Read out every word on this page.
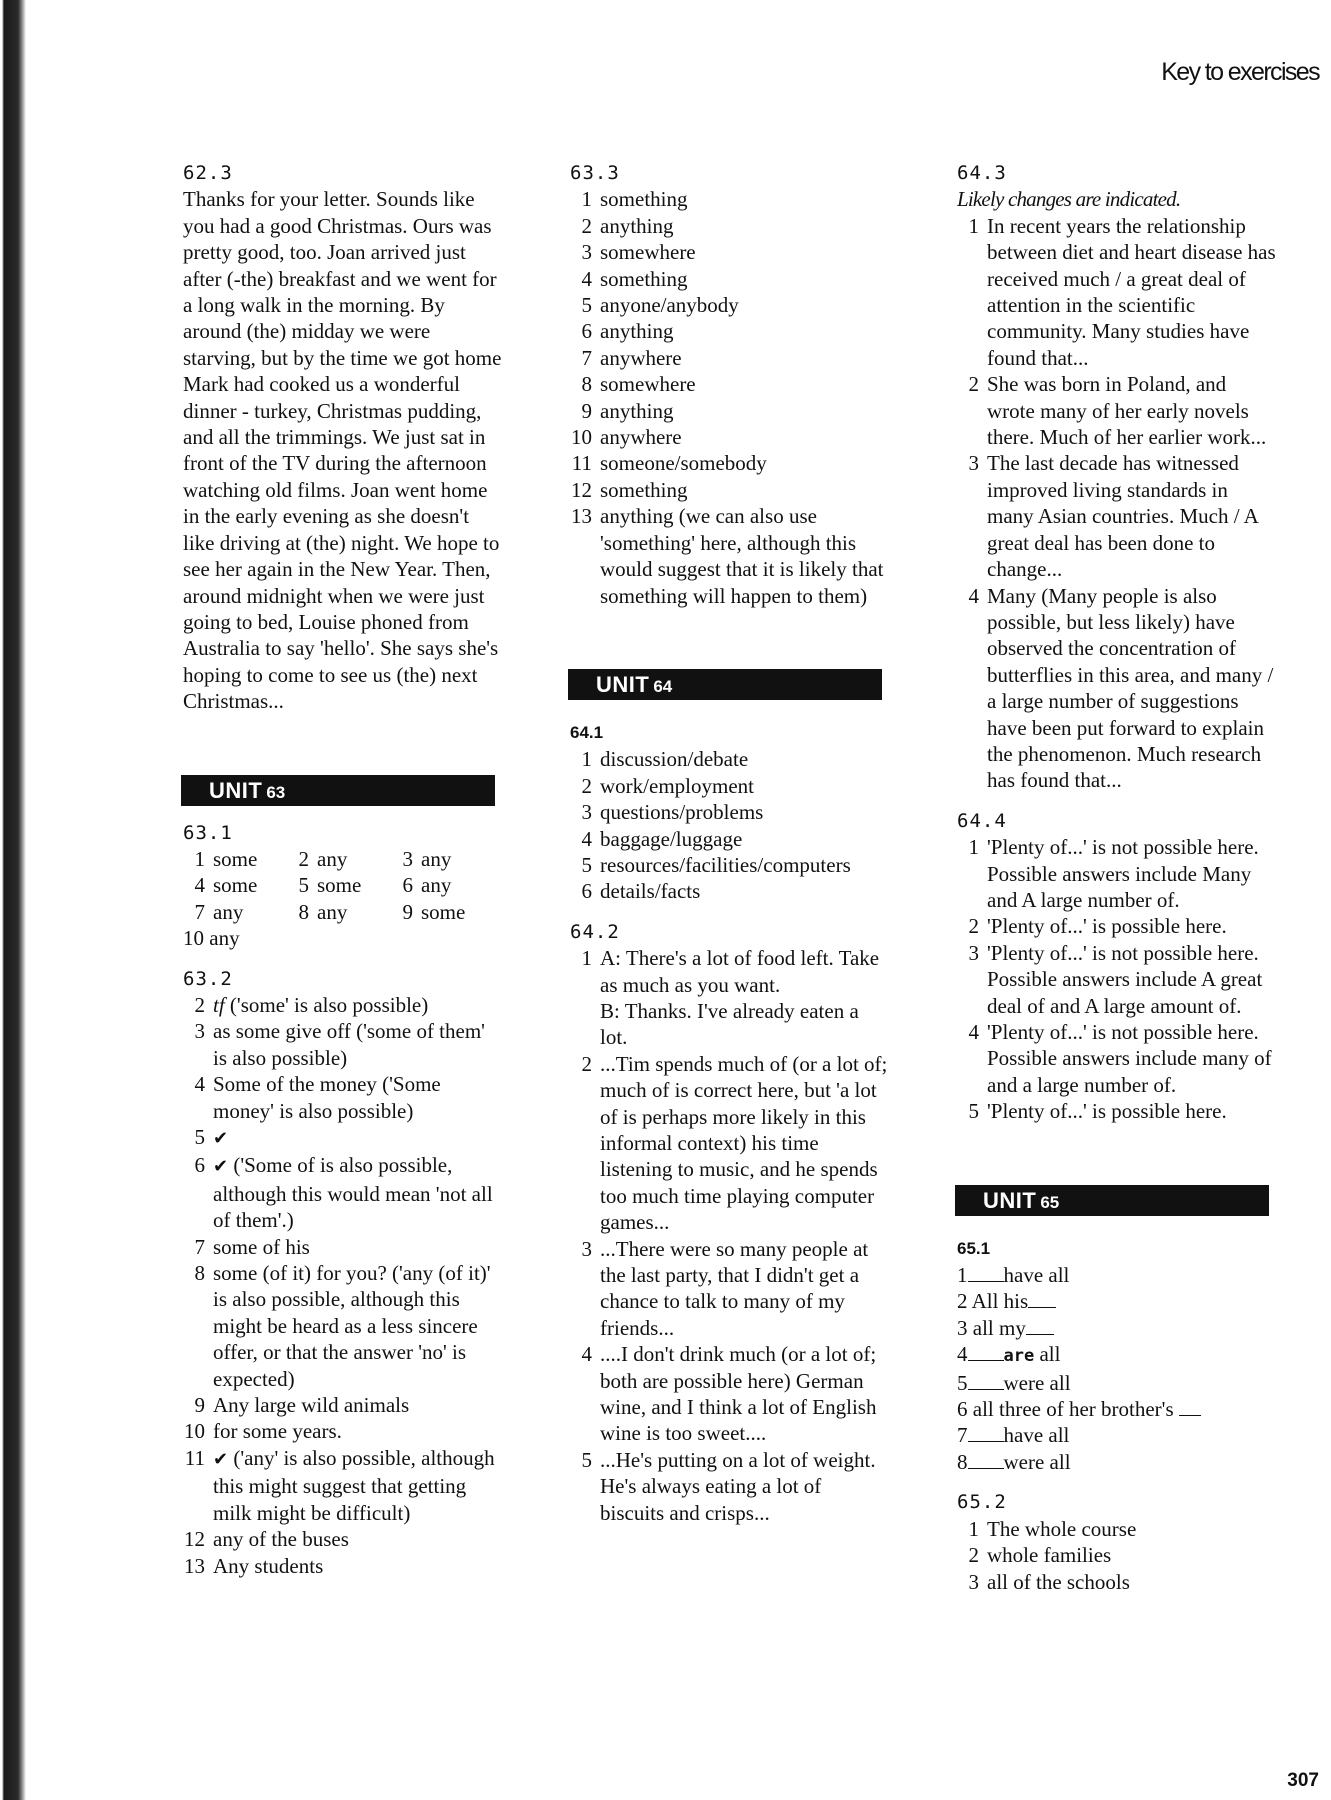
Key to exercises
62.3

Thanks for your letter. Sounds like you had a good Christmas. Ours was pretty good, too. Joan arrived just after (-the) breakfast and we went for a long walk in the morning. By around (the) midday we were starving, but by the time we got home Mark had cooked us a wonderful dinner - turkey, Christmas pudding, and all the trimmings. We just sat in front of the TV during the afternoon watching old films. Joan went home in the early evening as she doesn't like driving at (the) night. We hope to see her again in the New Year. Then, around midnight when we were just going to bed, Louise phoned from Australia to say 'hello'. She says she's hoping to come to see us (the) next Christmas...

UNIT 63
63.1
1 some	2 any	3 any
4 some	5 some	6 any
7 any	8 any	9 some
10 any
63.2
2 tf ('some' is also possible)
3 as some give off ('some of them' is also possible)
4 Some of the money ('Some money' is also possible)
5 ✔
6 ✔ ('Some of is also possible, although this would mean 'not all of them'.)
7 some of his
8 some (of it) for you? ('any (of it)' is also possible, although this might be heard as a less sincere offer, or that the answer 'no' is expected)
9 Any large wild animals
10 for some years.
11 ✔ ('any' is also possible, although this might suggest that getting milk might be difficult)
12 any of the buses
13 Any students
63.3
1 something
2 anything
3 somewhere
4 something
5 anyone/anybody
6 anything
7 anywhere
8 somewhere
9 anything
10 anywhere
11 someone/somebody
12 something
13 anything (we can also use 'something' here, although this would suggest that it is likely that something will happen to them)
UNIT 64
64.1
1 discussion/debate
2 work/employment
3 questions/problems
4 baggage/luggage
5 resources/facilities/computers
6 details/facts
64.2
1 A: There's a lot of food left. Take as much as you want.
B: Thanks. I've already eaten a lot.
2 ...Tim spends much of (or a lot of; much of is correct here, but 'a lot of is perhaps more likely in this informal context) his time listening to music, and he spends too much time playing computer games...
3 ...There were so many people at the last party, that I didn't get a chance to talk to many of my friends...
4 ....I don't drink much (or a lot of; both are possible here) German wine, and I think a lot of English wine is too sweet....
5 ...He's putting on a lot of weight. He's always eating a lot of biscuits and crisps...
64.3
Likely changes are indicated.
1 In recent years the relationship between diet and heart disease has received much / a great deal of attention in the scientific community. Many studies have found that...
2 She was born in Poland, and wrote many of her early novels there. Much of her earlier work...
3 The last decade has witnessed improved living standards in many Asian countries. Much / A great deal has been done to change...
4 Many (Many people is also possible, but less likely) have observed the concentration of butterflies in this area, and many / a large number of suggestions have been put forward to explain the phenomenon. Much research has found that...
64.4
1 'Plenty of...' is not possible here. Possible answers include Many and A large number of.
2 'Plenty of...' is possible here.
3 'Plenty of...' is not possible here. Possible answers include A great deal of and A large amount of.
4 'Plenty of...' is not possible here. Possible answers include many of and a large number of.
5 'Plenty of...' is possible here.
UNIT 65
65.1
1 have all
2 All his
3 all my
4 are all
5 were all
6 all three of her brother's
7 have all
8 were all
65.2
1 The whole course
2 whole families
3 all of the schools
307
